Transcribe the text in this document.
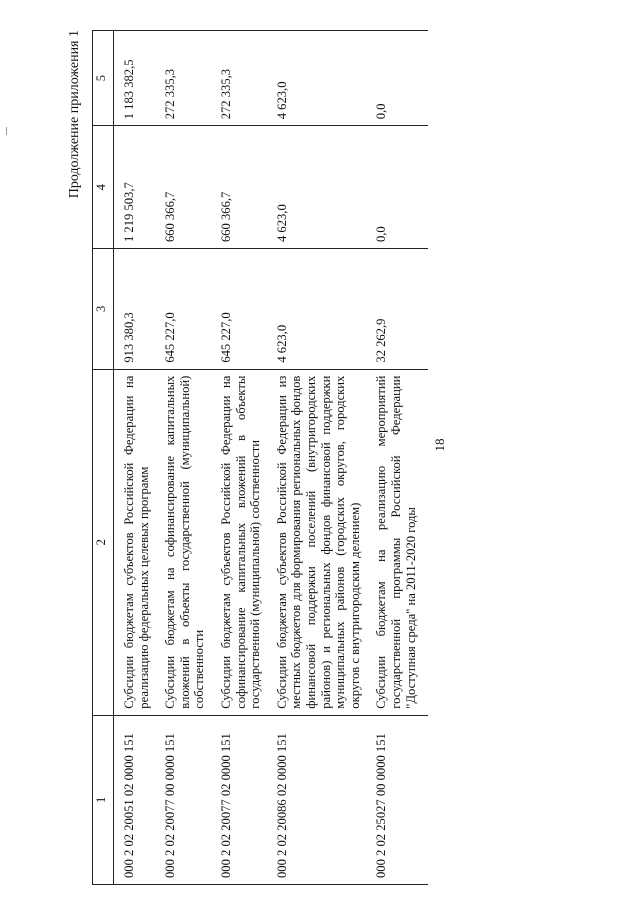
18
Продолжение приложения 1
1	2	3	4	5
000 2 02 20051 02 0000 151	Субсидии бюджетам субъектов Российской Федерации на реализацию федеральных целевых программ	913 380,3	1 219 503,7	1 183 382,5
000 2 02 20077 00 0000 151	Субсидии бюджетам на софинансирование капитальных вложений в объекты государственной (муниципальной) собственности	645 227,0	660 366,7	272 335,3
000 2 02 20077 02 0000 151	Субсидии бюджетам субъектов Российской Федерации на софинансирование капитальных вложений в объекты государственной (муниципальной) собственности	645 227,0	660 366,7	272 335,3
000 2 02 20086 02 0000 151	Субсидии бюджетам субъектов Российской Федерации из местных бюджетов для формирования региональных фондов финансовой поддержки поселений (внутригородских районов) и региональных фондов финансовой поддержки муниципальных районов (городских округов, городских округов с внутригородским делением)	4 623,0	4 623,0	4 623,0
000 2 02 25027 00 0000 151	Субсидии бюджетам на реализацию мероприятий государственной программы Российской Федерации "Доступная среда" на 2011-2020 годы	32 262,9	0,0	0,0
